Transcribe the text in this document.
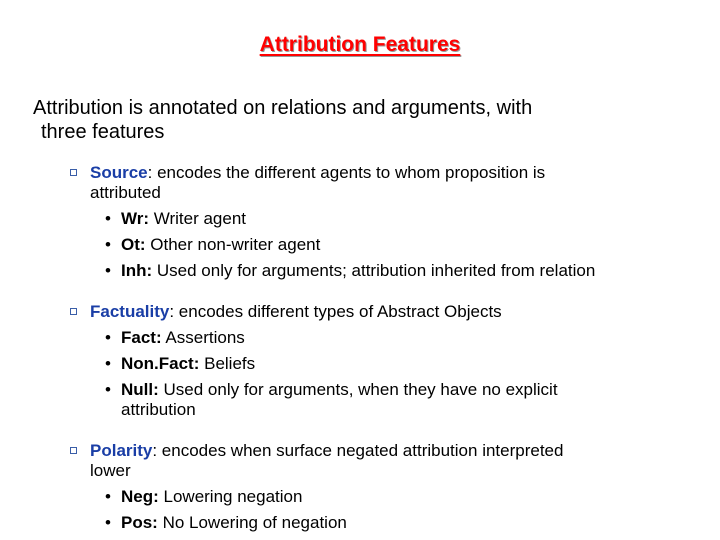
Attribution Features
Attribution is annotated on relations and arguments, with
three features
Source: encodes the different agents to whom proposition is
attributed
• Wr: Writer agent
• Ot: Other non-writer agent
• Inh: Used only for arguments; attribution inherited from relation
Factuality: encodes different types of Abstract Objects
• Fact: Assertions
• Non.Fact: Beliefs
• Null: Used only for arguments, when they have no explicit
attribution
Polarity: encodes when surface negated attribution interpreted
lower
• Neg: Lowering negation
• Pos: No Lowering of negation
